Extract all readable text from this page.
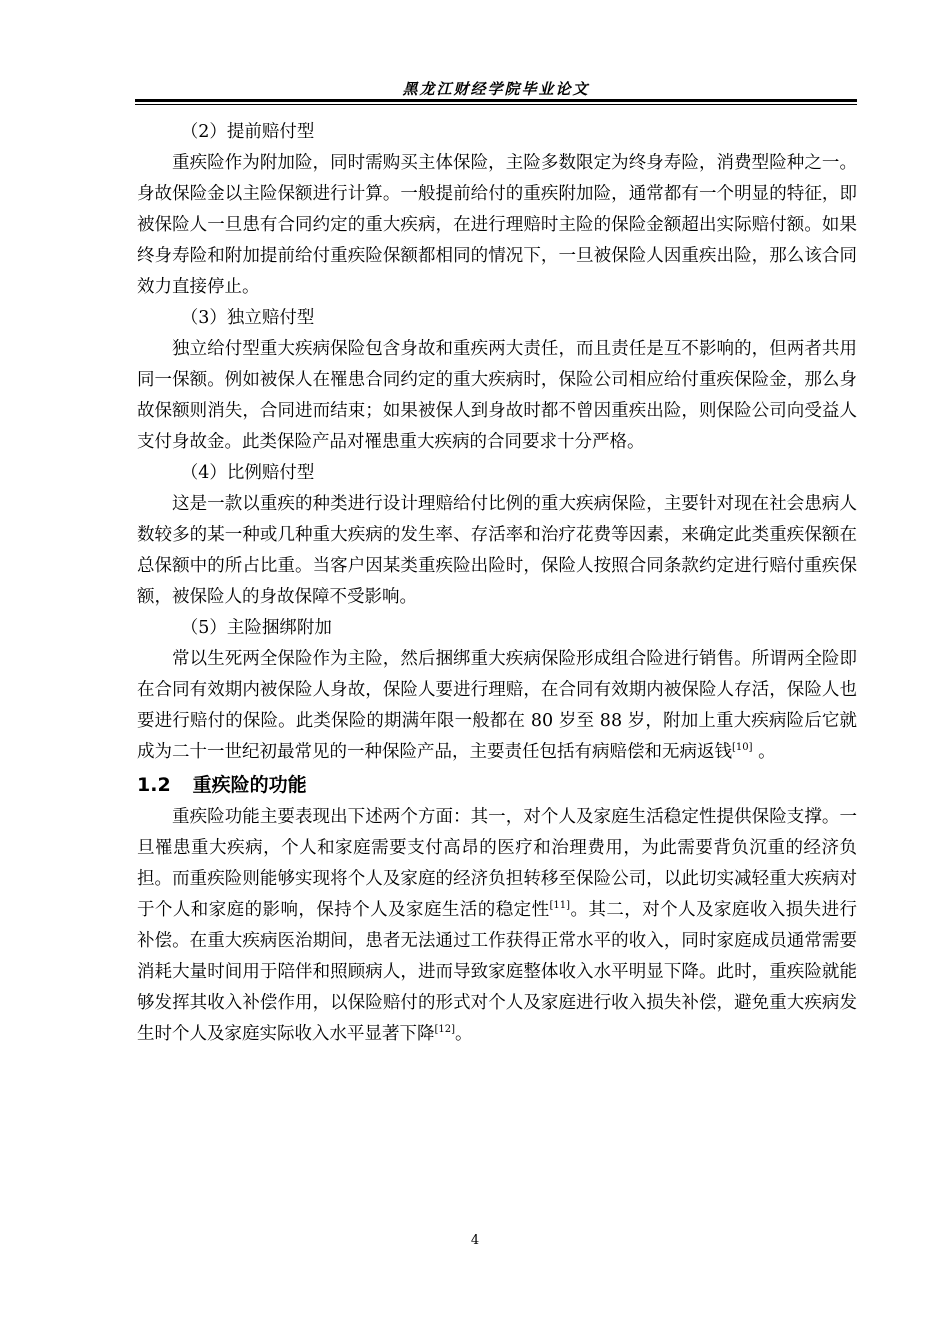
黑龙江财经学院毕业论文

（2）提前赔付型

重疾险作为附加险，同时需购买主体保险，主险多数限定为终身寿险，消费型险种之一。身故保险金以主险保额进行计算。一般提前给付的重疾附加险，通常都有一个明显的特征，即被保险人一旦患有合同约定的重大疾病，在进行理赔时主险的保险金额超出实际赔付额。如果终身寿险和附加提前给付重疾险保额都相同的情况下，一旦被保险人因重疾出险，那么该合同效力直接停止。

（3）独立赔付型

独立给付型重大疾病保险包含身故和重疾两大责任，而且责任是互不影响的，但两者共用同一保额。例如被保人在罹患合同约定的重大疾病时，保险公司相应给付重疾保险金，那么身故保额则消失，合同进而结束；如果被保人到身故时都不曾因重疾出险，则保险公司向受益人支付身故金。此类保险产品对罹患重大疾病的合同要求十分严格。

（4）比例赔付型

这是一款以重疾的种类进行设计理赔给付比例的重大疾病保险，主要针对现在社会患病人数较多的某一种或几种重大疾病的发生率、存活率和治疗花费等因素，来确定此类重疾保额在总保额中的所占比重。当客户因某类重疾险出险时，保险人按照合同条款约定进行赔付重疾保额，被保险人的身故保障不受影响。

（5）主险捆绑附加

常以生死两全保险作为主险，然后捆绑重大疾病保险形成组合险进行销售。所谓两全险即在合同有效期内被保险人身故，保险人要进行理赔，在合同有效期内被保险人存活，保险人也要进行赔付的保险。此类保险的期满年限一般都在 80 岁至 88 岁，附加上重大疾病险后它就成为二十一世纪初最常见的一种保险产品，主要责任包括有病赔偿和无病返钱[10] 。

1.2 重疾险的功能

重疾险功能主要表现出下述两个方面：其一，对个人及家庭生活稳定性提供保险支撑。一旦罹患重大疾病，个人和家庭需要支付高昂的医疗和治理费用，为此需要背负沉重的经济负担。而重疾险则能够实现将个人及家庭的经济负担转移至保险公司，以此切实减轻重大疾病对于个人和家庭的影响，保持个人及家庭生活的稳定性[11]。其二，对个人及家庭收入损失进行补偿。在重大疾病医治期间，患者无法通过工作获得正常水平的收入，同时家庭成员通常需要消耗大量时间用于陪伴和照顾病人，进而导致家庭整体收入水平明显下降。此时，重疾险就能够发挥其收入补偿作用，以保险赔付的形式对个人及家庭进行收入损失补偿，避免重大疾病发生时个人及家庭实际收入水平显著下降[12]。

4
